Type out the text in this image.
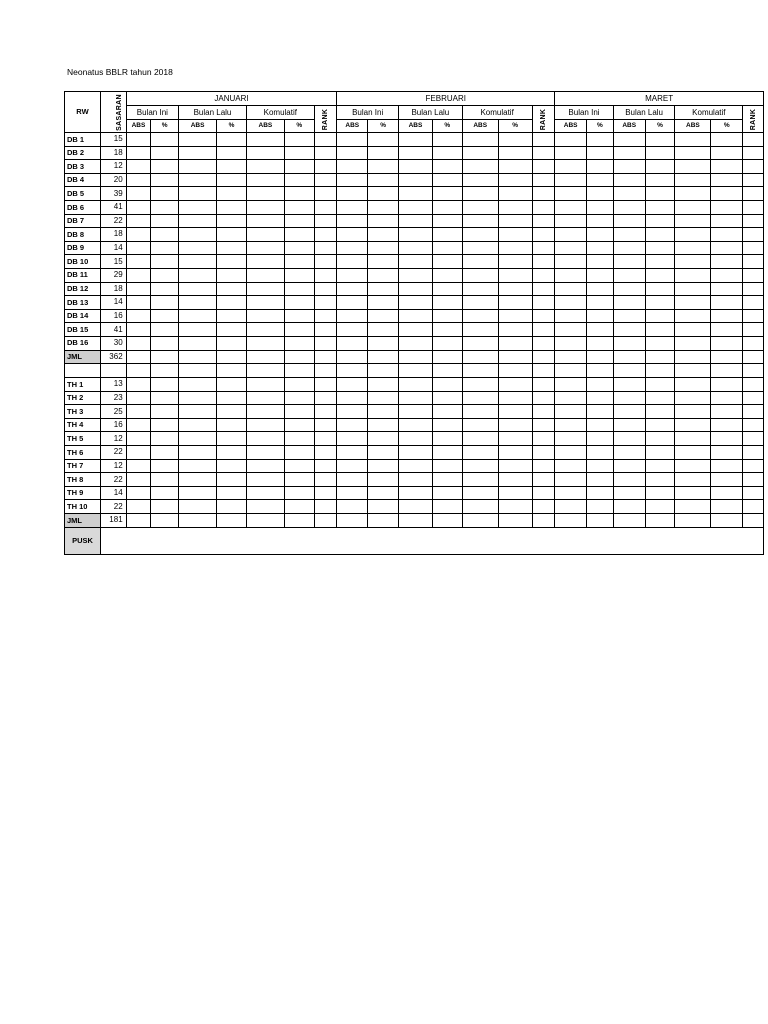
Neonatus BBLR tahun 2018
RW	SASARAN	JANUARI							FEBRUARI							MARET						
		Bulan Ini		Bulan Lalu		Komulatif		RANK	Bulan Ini		Bulan Lalu		Komulatif		RANK	Bulan Ini		Bulan Lalu		Komulatif		RANK
		ABS	%	ABS	%	ABS	%		ABS	%	ABS	%	ABS	%		ABS	%	ABS	%	ABS	%	
DB 1	15																					
DB 2	18																					
DB 3	12																					
DB 4	20																					
DB 5	39																					
DB 6	41																					
DB 7	22																					
DB 8	18																					
DB 9	14																					
DB 10	15																					
DB 11	29																					
DB 12	18																					
DB 13	14																					
DB 14	16																					
DB 15	41																					
DB 16	30																					
JML	362																					

TH 1	13																					
TH 2	23																					
TH 3	25																					
TH 4	16																					
TH 5	12																					
TH 6	22																					
TH 7	12																					
TH 8	22																					
TH 9	14																					
TH 10	22																					
JML	181																					
PUSK																						
